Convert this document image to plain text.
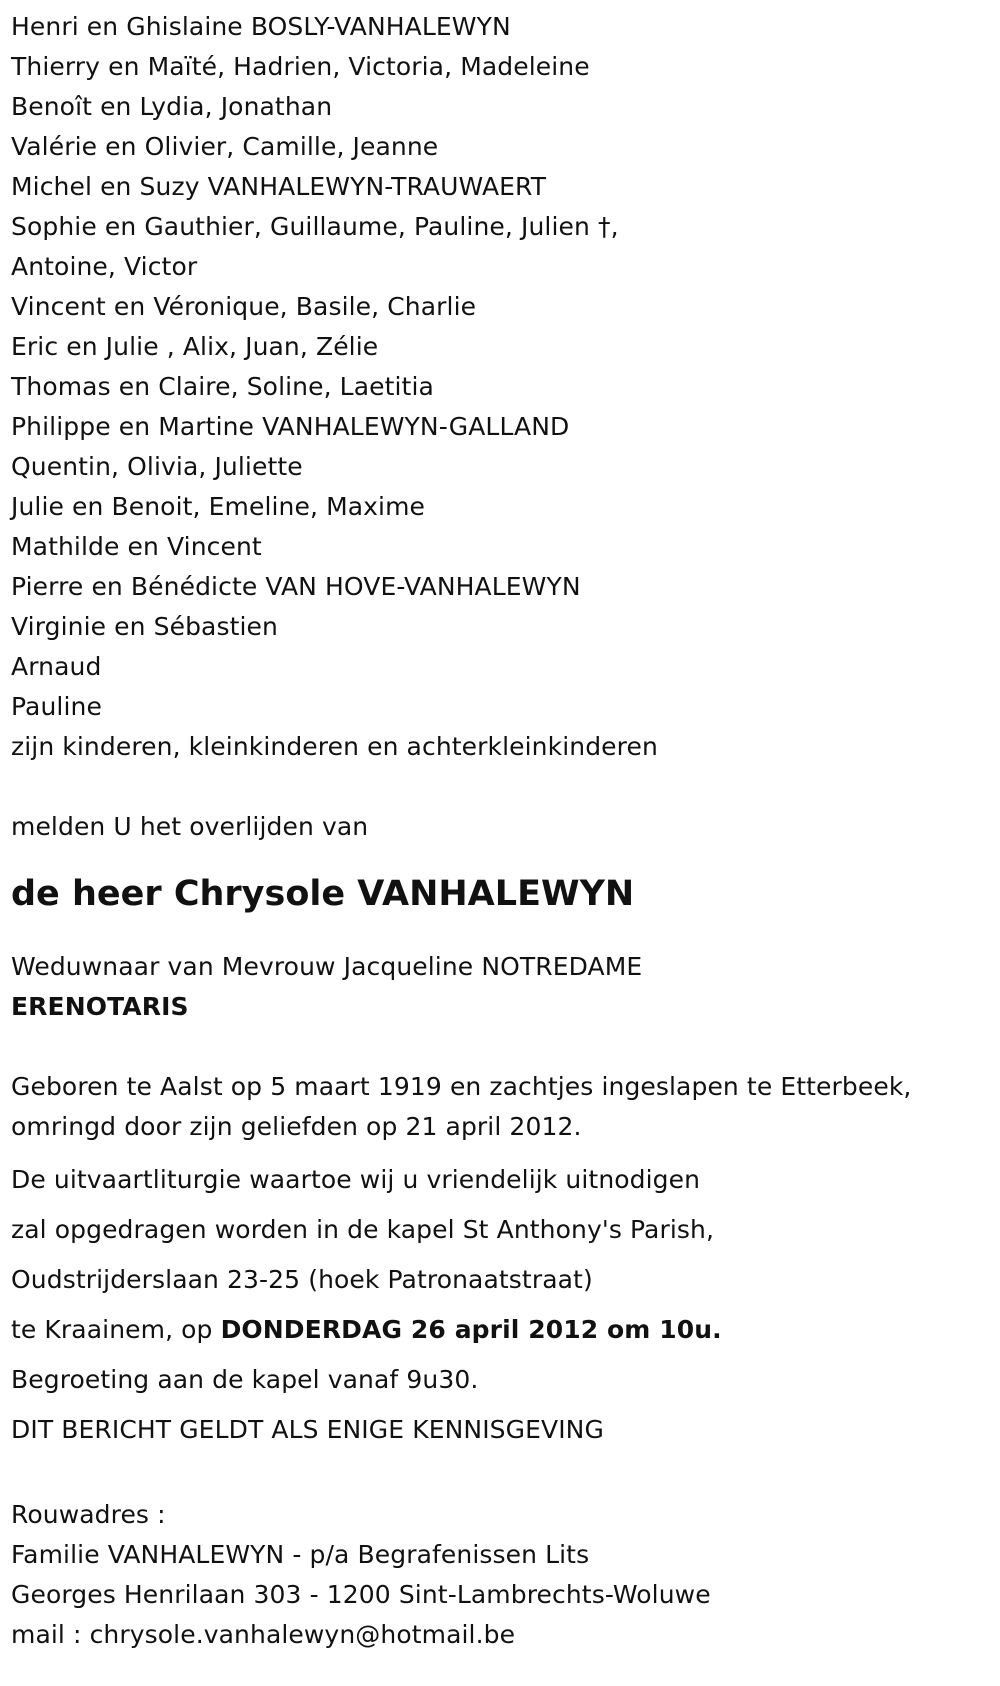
Henri en Ghislaine BOSLY-VANHALEWYN
Thierry en Maïté, Hadrien, Victoria, Madeleine
Benoît en Lydia, Jonathan
Valérie en Olivier, Camille, Jeanne
Michel en Suzy VANHALEWYN-TRAUWAERT
Sophie en Gauthier, Guillaume, Pauline, Julien †,
Antoine, Victor
Vincent en Véronique, Basile, Charlie
Eric en Julie , Alix, Juan, Zélie
Thomas en Claire, Soline, Laetitia
Philippe en Martine VANHALEWYN-GALLAND
Quentin, Olivia, Juliette
Julie en Benoit, Emeline, Maxime
Mathilde en Vincent
Pierre en Bénédicte VAN HOVE-VANHALEWYN
Virginie en Sébastien
Arnaud
Pauline
zijn kinderen, kleinkinderen en achterkleinkinderen
melden U het overlijden van
de heer Chrysole VANHALEWYN
Weduwnaar van Mevrouw Jacqueline NOTREDAME
ERENOTARIS
Geboren te Aalst op 5 maart 1919 en zachtjes ingeslapen te Etterbeek,
omringd door zijn geliefden op 21 april 2012.
De uitvaartliturgie waartoe wij u vriendelijk uitnodigen
zal opgedragen worden in de kapel St Anthony's Parish,
Oudstrijderslaan 23-25 (hoek Patronaatstraat)
te Kraainem, op DONDERDAG 26 april 2012 om 10u.
Begroeting aan de kapel vanaf 9u30.
DIT BERICHT GELDT ALS ENIGE KENNISGEVING
Rouwadres :
Familie VANHALEWYN - p/a Begrafenissen Lits
Georges Henrilaan 303 - 1200 Sint-Lambrechts-Woluwe
mail : chrysole.vanhalewyn@hotmail.be
